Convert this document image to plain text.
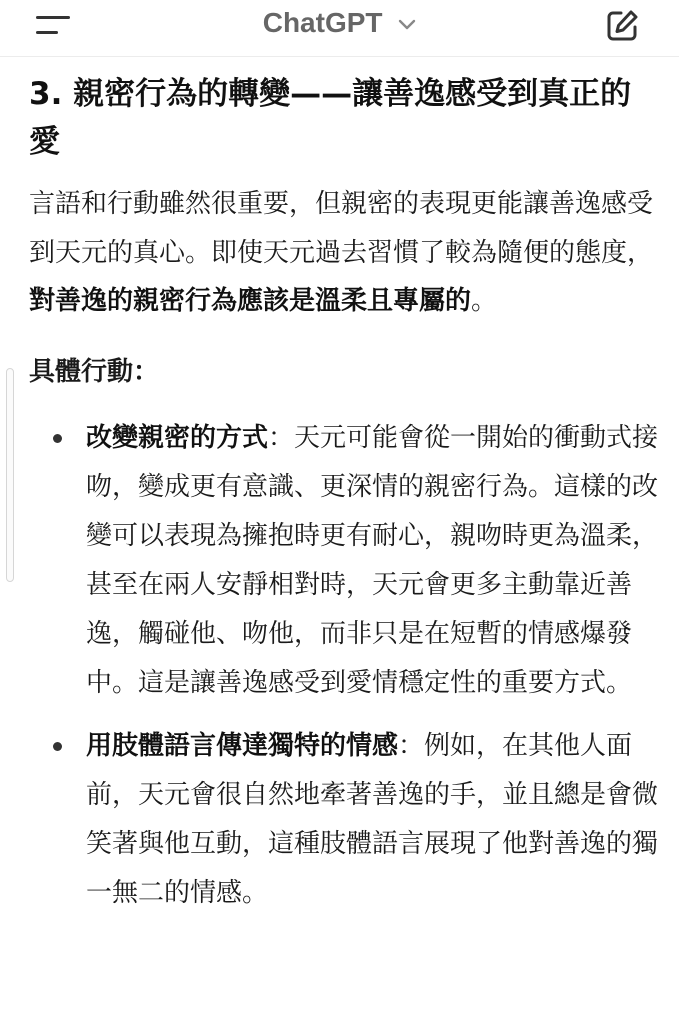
ChatGPT
3. 親密行為的轉變——讓善逸感受到真正的愛

言語和行動雖然很重要，但親密的表現更能讓善逸感受到天元的真心。即使天元過去習慣了較為隨便的態度，對善逸的親密行為應該是溫柔且專屬的。

具體行動：
改變親密的方式：天元可能會從一開始的衝動式接吻，變成更有意識、更深情的親密行為。這樣的改變可以表現為擁抱時更有耐心，親吻時更為溫柔，甚至在兩人安靜相對時，天元會更多主動靠近善逸，觸碰他、吻他，而非只是在短暫的情感爆發中。這是讓善逸感受到愛情穩定性的重要方式。
用肢體語言傳達獨特的情感：例如，在其他人面前，天元會很自然地牽著善逸的手，並且總是會微笑著與他互動，這種肢體語言展現了他對善逸的獨一無二的情感。
